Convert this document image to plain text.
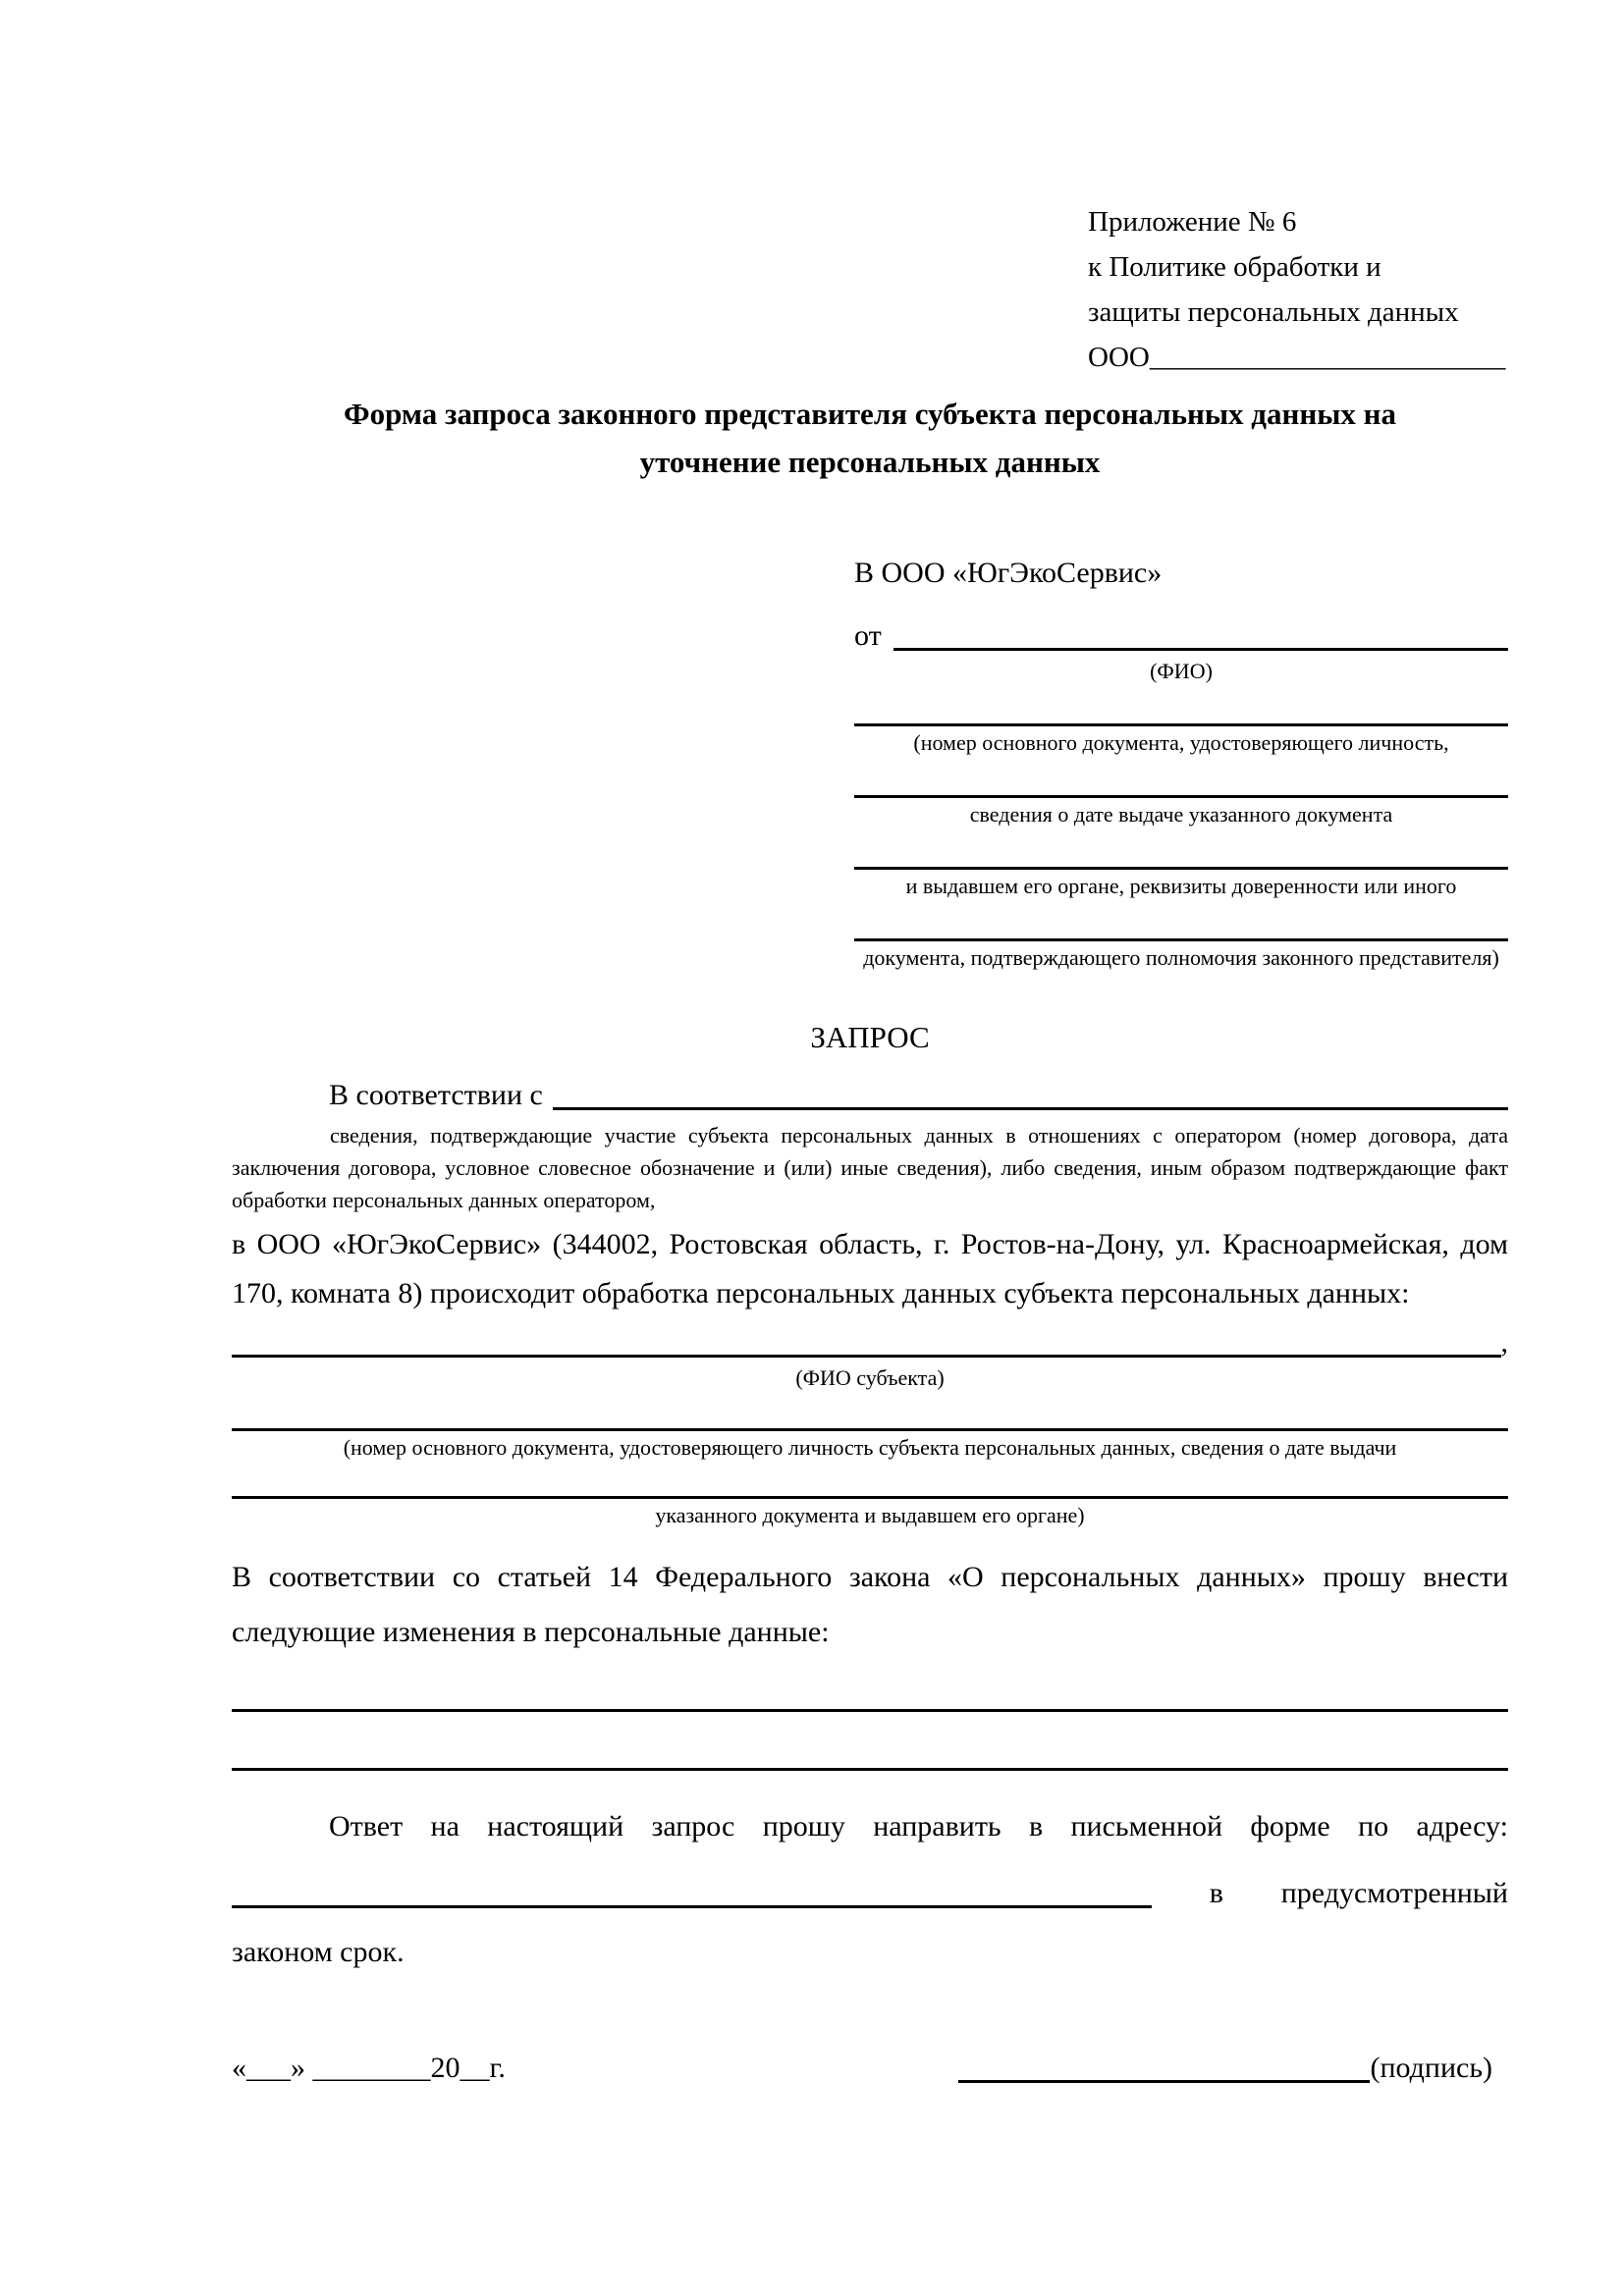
Приложение № 6
к Политике обработки и
защиты персональных данных
ООО_________________________
Форма запроса законного представителя субъекта персональных данных на уточнение персональных данных
В ООО «ЮгЭкоСервис»
от
(ФИО)
(номер основного документа, удостоверяющего личность,
сведения о дате выдаче указанного документа
и выдавшем его органе, реквизиты доверенности или иного
документа, подтверждающего полномочия законного представителя)
ЗАПРОС
В соответствии с
сведения, подтверждающие участие субъекта персональных данных в отношениях с оператором (номер договора, дата заключения договора, условное словесное обозначение и (или) иные сведения), либо сведения, иным образом подтверждающие факт обработки персональных данных оператором,
в ООО «ЮгЭкоСервис» (344002, Ростовская область, г. Ростов-на-Дону, ул. Красноармейская, дом 170, комната 8) происходит обработка персональных данных субъекта персональных данных:
,
(ФИО субъекта)
(номер основного документа, удостоверяющего личность субъекта персональных данных, сведения о дате выдачи
указанного документа и выдавшем его органе)
В соответствии со статьей 14 Федерального закона «О персональных данных» прошу внести следующие изменения в персональные данные:
Ответ на настоящий запрос прошу направить в письменной форме по адресу:
в предусмотренный
законом срок.
«___» ________20__г.	(подпись)
